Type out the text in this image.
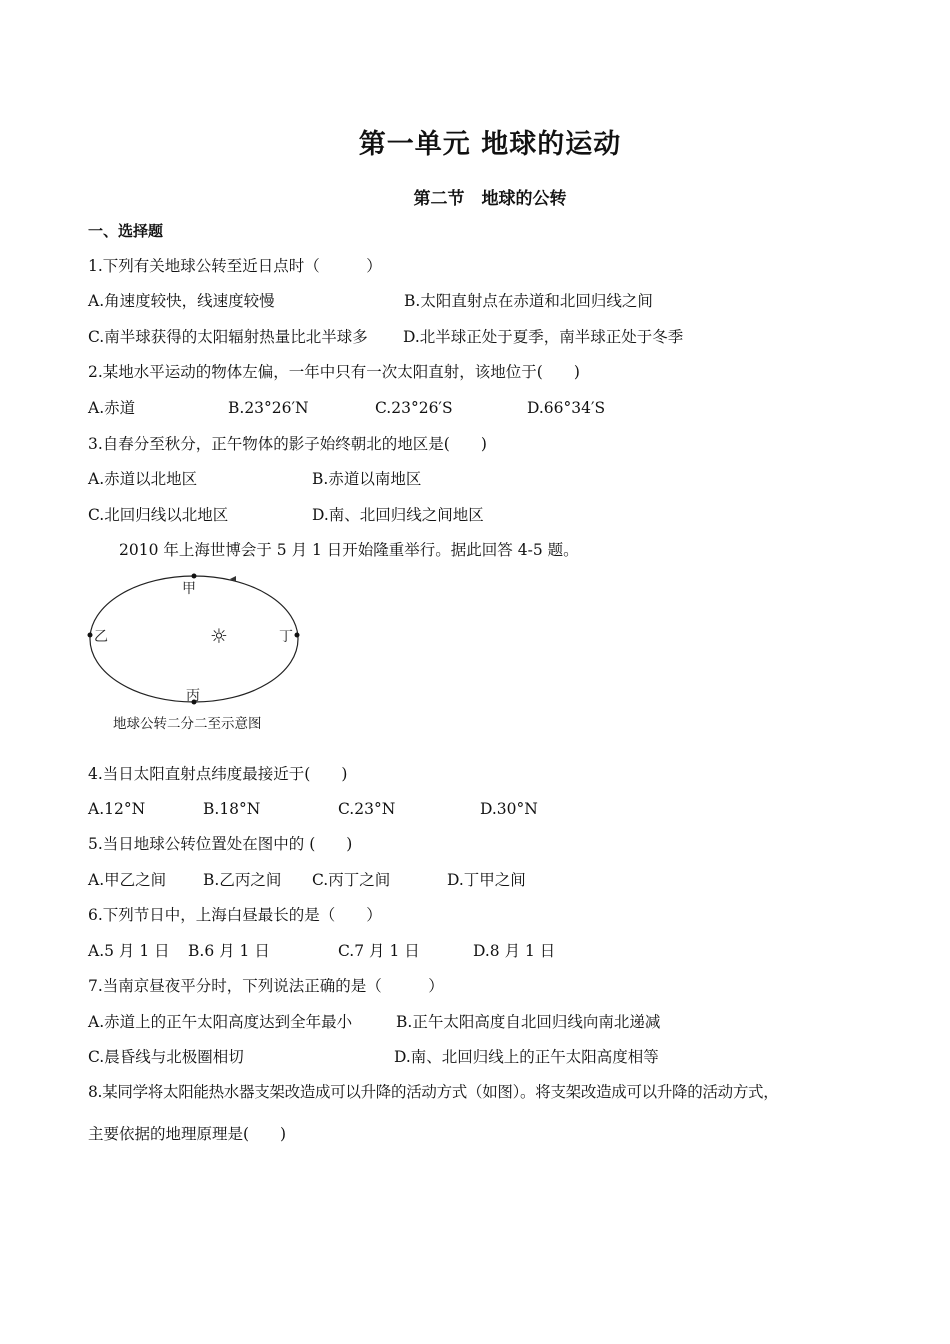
第一单元 地球的运动
第二节　地球的公转
一、选择题
1.下列有关地球公转至近日点时（　　　）
A.角速度较快，线速度较慢	B.太阳直射点在赤道和北回归线之间
C.南半球获得的太阳辐射热量比北半球多 D.北半球正处于夏季，南半球正处于冬季
2.某地水平运动的物体左偏，一年中只有一次太阳直射，该地位于(　　)
A.赤道	B.23°26′N	C.23°26′S	D.66°34′S
3.自春分至秋分，正午物体的影子始终朝北的地区是(　　)
A.赤道以北地区	B.赤道以南地区
C.北回归线以北地区	D.南、北回归线之间地区
2010 年上海世博会于 5 月 1 日开始隆重举行。据此回答 4-5 题。
甲
乙
丙
丁
☼
地球公转二分二至示意图
4.当日太阳直射点纬度最接近于(　　)
A.12°N	B.18°N	C.23°N	D.30°N
5.当日地球公转位置处在图中的 (　　)
A.甲乙之间 B.乙丙之间 C.丙丁之间	D.丁甲之间
6.下列节日中，上海白昼最长的是（　　）
A.5 月 1 日 B.6 月 1 日	C.7 月 1 日	D.8 月 1 日
7.当南京昼夜平分时，下列说法正确的是（　　　）
A.赤道上的正午太阳高度达到全年最小	B.正午太阳高度自北回归线向南北递减
C.晨昏线与北极圈相切	D.南、北回归线上的正午太阳高度相等
8.某同学将太阳能热水器支架改造成可以升降的活动方式（如图）。将支架改造成可以升降的活动方式，
主要依据的地理原理是(　　)
